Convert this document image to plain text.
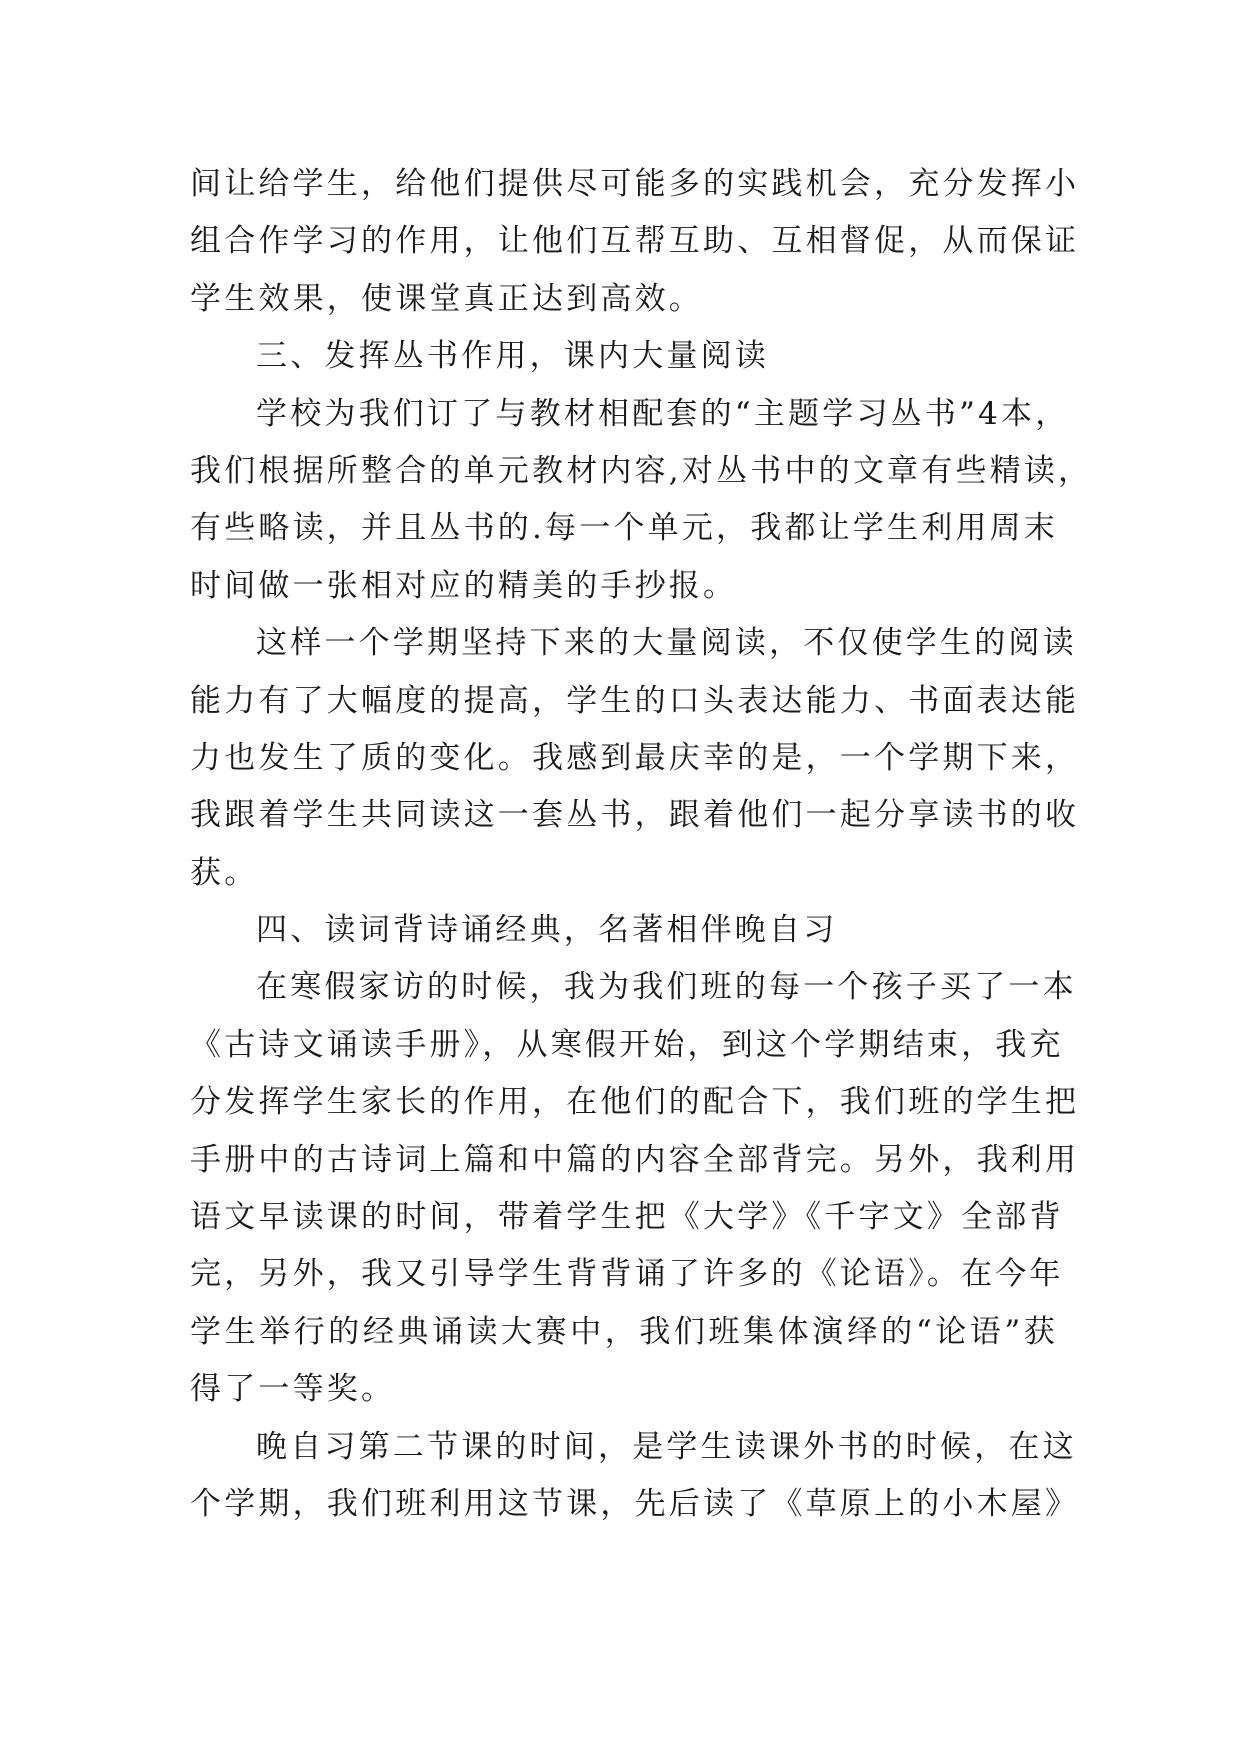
间让给学生，给他们提供尽可能多的实践机会，充分发挥小
组合作学习的作用，让他们互帮互助、互相督促，从而保证
学生效果，使课堂真正达到高效。
三、发挥丛书作用，课内大量阅读
学校为我们订了与教材相配套的“主题学习丛书”4本，
我们根据所整合的单元教材内容,对丛书中的文章有些精读，
有些略读，并且丛书的.每一个单元，我都让学生利用周末
时间做一张相对应的精美的手抄报。
这样一个学期坚持下来的大量阅读，不仅使学生的阅读
能力有了大幅度的提高，学生的口头表达能力、书面表达能
力也发生了质的变化。我感到最庆幸的是，一个学期下来，
我跟着学生共同读这一套丛书，跟着他们一起分享读书的收
获。
四、读词背诗诵经典，名著相伴晚自习
在寒假家访的时候，我为我们班的每一个孩子买了一本
《古诗文诵读手册》，从寒假开始，到这个学期结束，我充
分发挥学生家长的作用，在他们的配合下，我们班的学生把
手册中的古诗词上篇和中篇的内容全部背完。另外，我利用
语文早读课的时间，带着学生把《大学》《千字文》全部背
完，另外，我又引导学生背背诵了许多的《论语》。在今年
学生举行的经典诵读大赛中，我们班集体演绎的“论语”获
得了一等奖。
晚自习第二节课的时间，是学生读课外书的时候，在这
个学期，我们班利用这节课，先后读了《草原上的小木屋》
